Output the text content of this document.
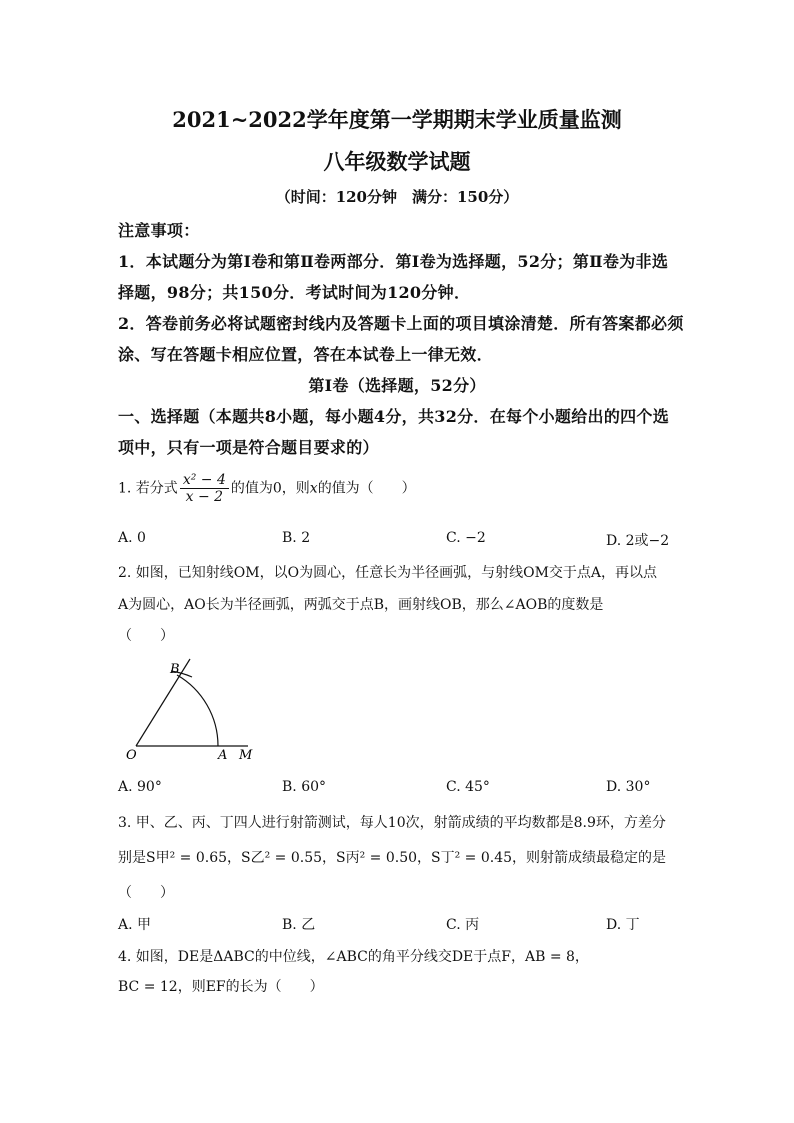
2021~2022学年度第一学期期末学业质量监测
八年级数学试题
（时间：120分钟　满分：150分）
注意事项：
1．本试题分为第Ⅰ卷和第Ⅱ卷两部分．第Ⅰ卷为选择题，52分；第Ⅱ卷为非选
择题，98分；共150分．考试时间为120分钟．
2．答卷前务必将试题密封线内及答题卡上面的项目填涂清楚．所有答案都必须
涂、写在答题卡相应位置，答在本试卷上一律无效．
第Ⅰ卷（选择题，52分）
一、选择题（本题共8小题，每小题4分，共32分．在每个小题给出的四个选
项中，只有一项是符合题目要求的）
1. 若分式 $\frac{\text{x² − 4}}{x - 2}$ 的值为0，则x的值为（　　）
A. 0	B. 2	C. −2	D. 2或−2
2. 如图，已知射线OM，以O为圆心，任意长为半径画弧，与射线OM交于点A，再以点
A为圆心，AO长为半径画弧，两弧交于点B，画射线OB，那么∠AOB的度数是
（　　）
B
O	A M
A. 90°	B. 60°	C. 45°	D. 30°
3. 甲、乙、丙、丁四人进行射箭测试，每人10次，射箭成绩的平均数都是8.9环，方差分
别是S甲² = 0.65，S乙² = 0.55，S丙² = 0.50，S丁² = 0.45，则射箭成绩最稳定的是
（　　）
A. 甲	B. 乙	C. 丙	D. 丁
4. 如图，DE是ΔABC的中位线，∠ABC的角平分线交DE于点F，AB = 8，
BC = 12，则EF的长为（　　）
